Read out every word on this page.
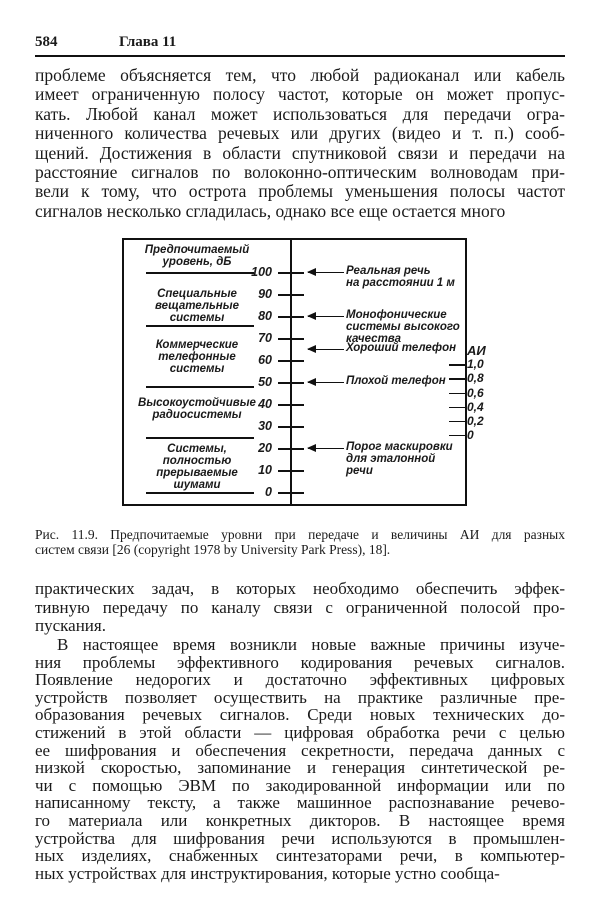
584	Глава 11
проблеме объясняется тем, что любой радиоканал или кабель
имеет ограниченную полосу частот, которые он может пропус-
кать. Любой канал может использоваться для передачи огра-
ниченного количества речевых или других (видео и т. п.) сооб-
щений. Достижения в области спутниковой связи и передачи на
расстояние сигналов по волоконно-оптическим волноводам при-
вели к тому, что острота проблемы уменьшения полосы частот
сигналов несколько сгладилась, однако все еще остается много
АИ
1,0
0,8
0,6
0,4
0,2
0
Предпочитаемый
уровень, дБ
Специальные
вещательные
системы
Коммерческие
телефонные
системы
Высокоустойчивые
радиосистемы
Системы,
полностью
прерываемые
шумами
100
90
80
70
60
50
40
30
20
10
0
Реальная речь
на расстоянии 1 м
Монофонические
системы высокого
качества
Хороший телефон
Плохой телефон
Порог маскировки
для эталонной
речи
Рис. 11.9. Предпочитаемые уровни при передаче и величины АИ для разных
систем связи [26 (copyright 1978 by University Park Press), 18].
практических задач, в которых необходимо обеспечить эффек-
тивную передачу по каналу связи с ограниченной полосой про-
пускания.
В настоящее время возникли новые важные причины изуче-
ния проблемы эффективного кодирования речевых сигналов.
Появление недорогих и достаточно эффективных цифровых
устройств позволяет осуществить на практике различные пре-
образования речевых сигналов. Среди новых технических до-
стижений в этой области — цифровая обработка речи с целью
ее шифрования и обеспечения секретности, передача данных с
низкой скоростью, запоминание и генерация синтетической ре-
чи с помощью ЭВМ по закодированной информации или по
написанному тексту, а также машинное распознавание речево-
го материала или конкретных дикторов. В настоящее время
устройства для шифрования речи используются в промышлен-
ных изделиях, снабженных синтезаторами речи, в компьютер-
ных устройствах для инструктирования, которые устно сообща-
